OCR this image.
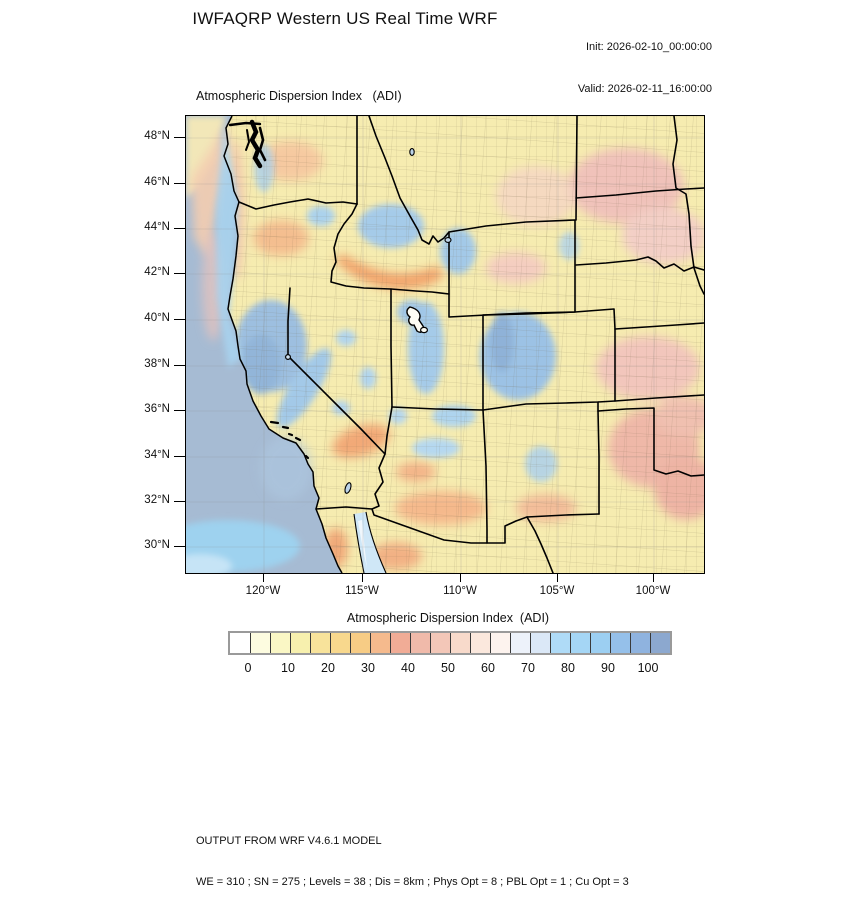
IWFAQRP Western US Real Time WRF

Init: 2026-02-10_00:00:00

Valid: 2026-02-11_16:00:00

Atmospheric Dispersion Index   (ADI)
48°N
46°N
44°N
42°N
40°N
38°N
36°N
34°N
32°N
30°N
120°W	115°W	110°W	105°W	100°W
Atmospheric Dispersion Index  (ADI)
0	10	20	30	40	50	60	70	80	90	100

OUTPUT FROM WRF V4.6.1 MODEL

WE = 310 ; SN = 275 ; Levels = 38 ; Dis = 8km ; Phys Opt = 8 ; PBL Opt = 1 ; Cu Opt = 3
